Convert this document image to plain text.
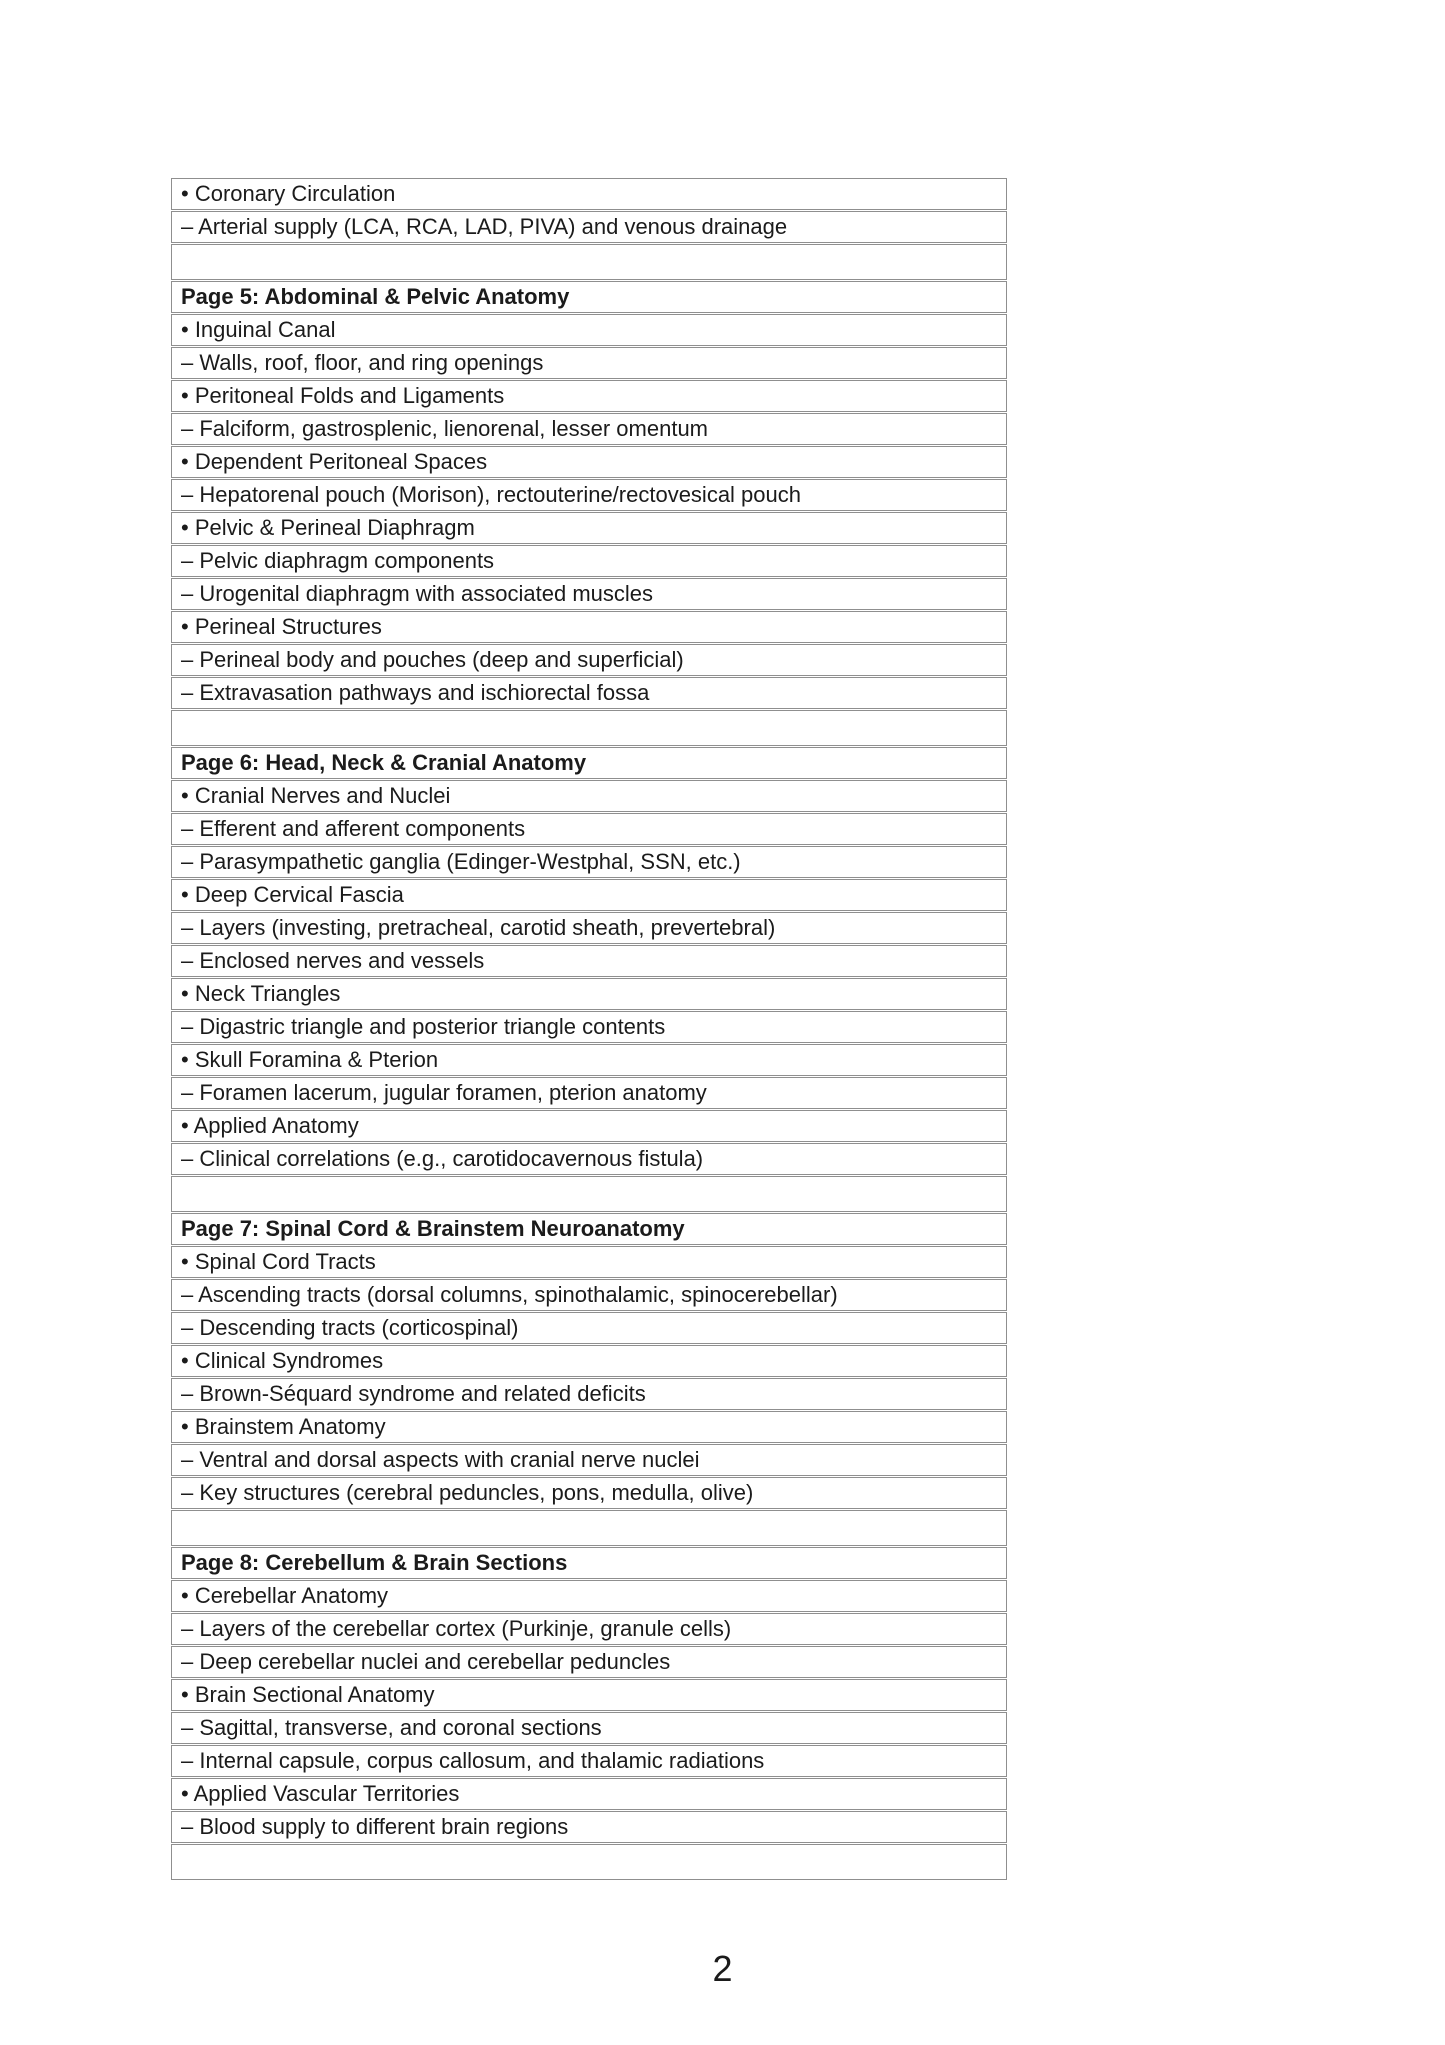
• Coronary Circulation
– Arterial supply (LCA, RCA, LAD, PIVA) and venous drainage
Page 5: Abdominal & Pelvic Anatomy
• Inguinal Canal
– Walls, roof, floor, and ring openings
• Peritoneal Folds and Ligaments
– Falciform, gastrosplenic, lienorenal, lesser omentum
• Dependent Peritoneal Spaces
– Hepatorenal pouch (Morison), rectouterine/rectovesical pouch
• Pelvic & Perineal Diaphragm
– Pelvic diaphragm components
– Urogenital diaphragm with associated muscles
• Perineal Structures
– Perineal body and pouches (deep and superficial)
– Extravasation pathways and ischiorectal fossa
Page 6: Head, Neck & Cranial Anatomy
• Cranial Nerves and Nuclei
– Efferent and afferent components
– Parasympathetic ganglia (Edinger-Westphal, SSN, etc.)
• Deep Cervical Fascia
– Layers (investing, pretracheal, carotid sheath, prevertebral)
– Enclosed nerves and vessels
• Neck Triangles
– Digastric triangle and posterior triangle contents
• Skull Foramina & Pterion
– Foramen lacerum, jugular foramen, pterion anatomy
• Applied Anatomy
– Clinical correlations (e.g., carotidocavernous fistula)
Page 7: Spinal Cord & Brainstem Neuroanatomy
• Spinal Cord Tracts
– Ascending tracts (dorsal columns, spinothalamic, spinocerebellar)
– Descending tracts (corticospinal)
• Clinical Syndromes
– Brown-Séquard syndrome and related deficits
• Brainstem Anatomy
– Ventral and dorsal aspects with cranial nerve nuclei
– Key structures (cerebral peduncles, pons, medulla, olive)
Page 8: Cerebellum & Brain Sections
• Cerebellar Anatomy
– Layers of the cerebellar cortex (Purkinje, granule cells)
– Deep cerebellar nuclei and cerebellar peduncles
• Brain Sectional Anatomy
– Sagittal, transverse, and coronal sections
– Internal capsule, corpus callosum, and thalamic radiations
• Applied Vascular Territories
– Blood supply to different brain regions
2
